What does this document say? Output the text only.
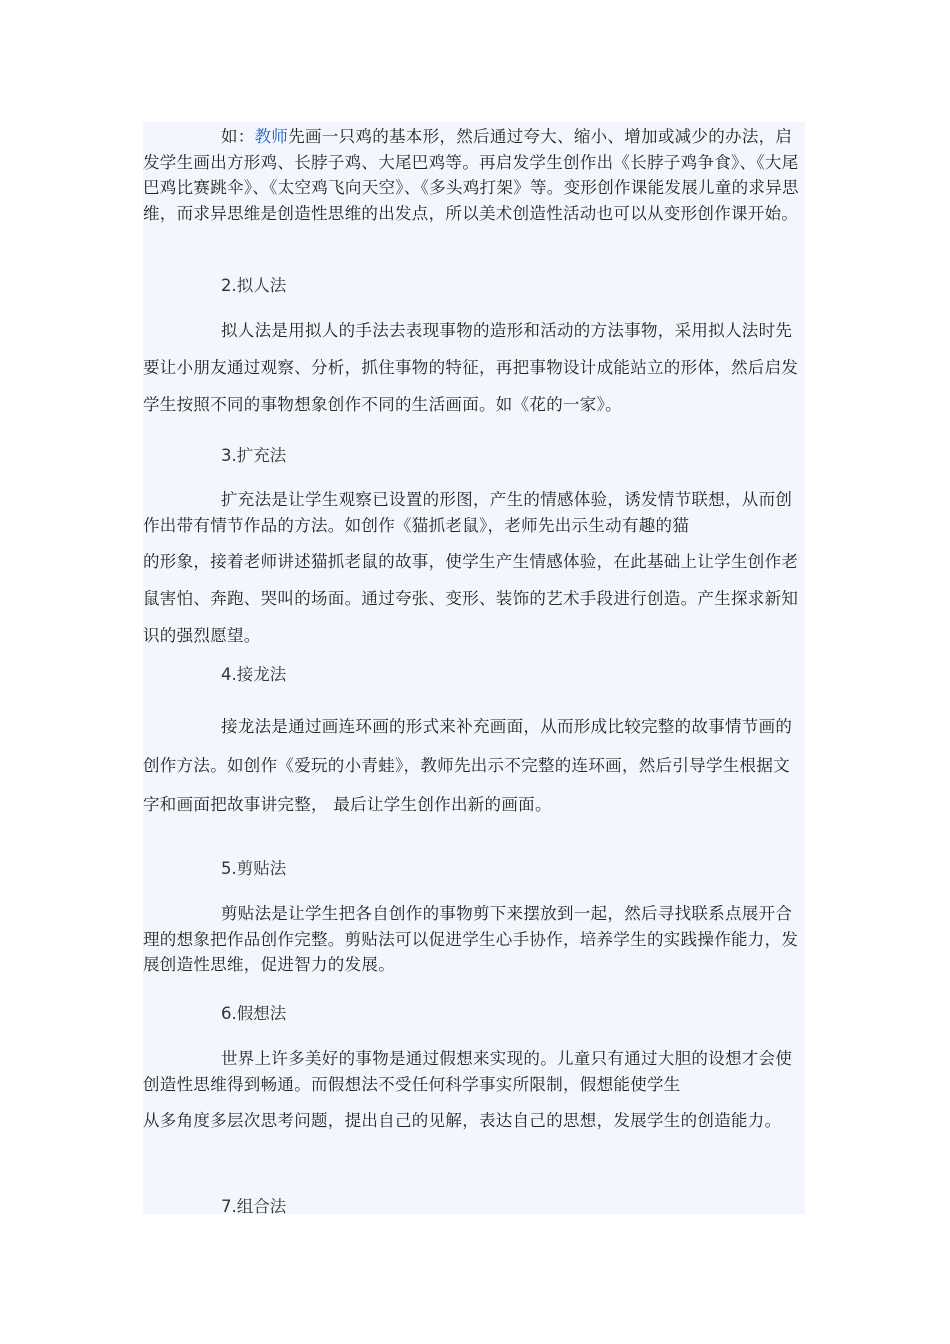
如：教师先画一只鸡的基本形，然后通过夸大、缩小、增加或减少的办法，启发学生画出方形鸡、长脖子鸡、大尾巴鸡等。再启发学生创作出《长脖子鸡争食》、《大尾巴鸡比赛跳伞》、《太空鸡飞向天空》、《多头鸡打架》等。变形创作课能发展儿童的求异思维，而求异思维是创造性思维的出发点，所以美术创造性活动也可以从变形创作课开始。

2.拟人法

拟人法是用拟人的手法去表现事物的造形和活动的方法事物，采用拟人法时先要让小朋友通过观察、分析，抓住事物的特征，再把事物设计成能站立的形体，然后启发学生按照不同的事物想象创作不同的生活画面。如《花的一家》。

3.扩充法

扩充法是让学生观察已设置的形图，产生的情感体验，诱发情节联想，从而创作出带有情节作品的方法。如创作《猫抓老鼠》，老师先出示生动有趣的猫

的形象，接着老师讲述猫抓老鼠的故事，使学生产生情感体验，在此基础上让学生创作老鼠害怕、奔跑、哭叫的场面。通过夸张、变形、装饰的艺术手段进行创造。产生探求新知识的强烈愿望。

4.接龙法

接龙法是通过画连环画的形式来补充画面，从而形成比较完整的故事情节画的创作方法。如创作《爱玩的小青蛙》，教师先出示不完整的连环画，然后引导学生根据文字和画面把故事讲完整， 最后让学生创作出新的画面。

5.剪贴法

剪贴法是让学生把各自创作的事物剪下来摆放到一起，然后寻找联系点展开合理的想象把作品创作完整。剪贴法可以促进学生心手协作，培养学生的实践操作能力，发展创造性思维，促进智力的发展。

6.假想法

世界上许多美好的事物是通过假想来实现的。儿童只有通过大胆的设想才会使创造性思维得到畅通。而假想法不受任何科学事实所限制，假想能使学生

从多角度多层次思考问题，提出自己的见解，表达自己的思想，发展学生的创造能力。

7.组合法
